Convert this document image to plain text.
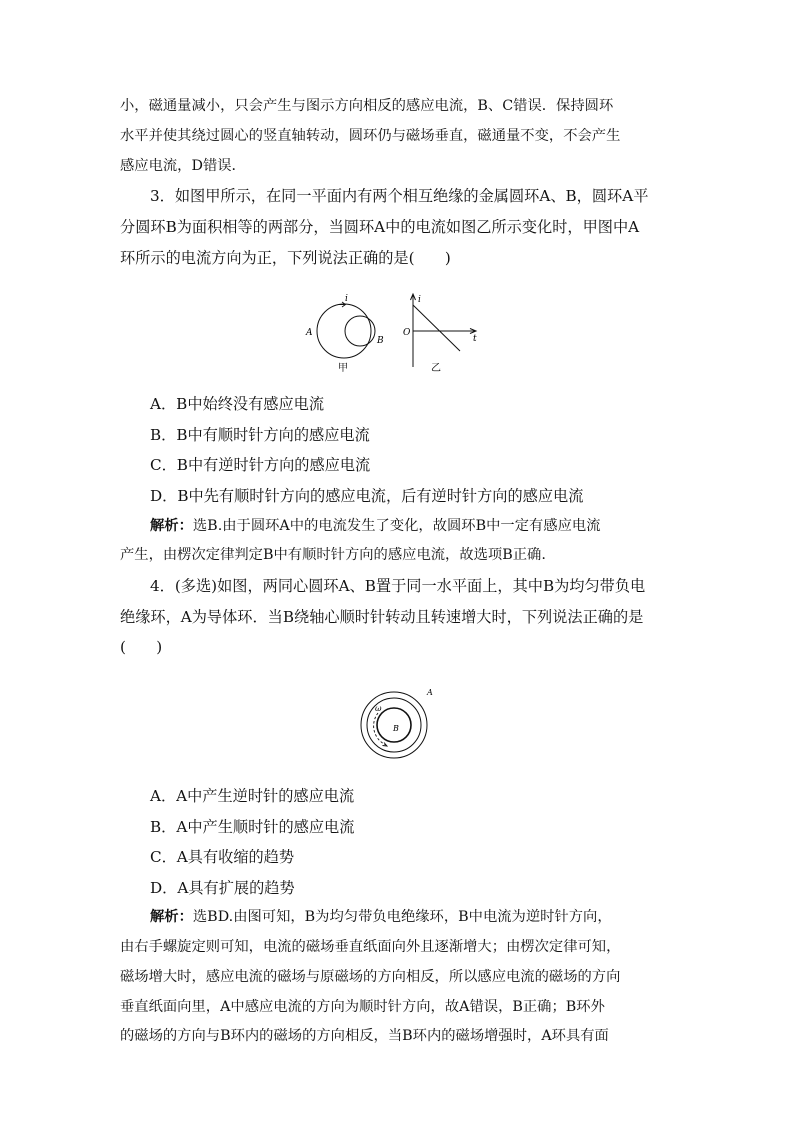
小，磁通量减小，只会产生与图示方向相反的感应电流，B、C错误．保持圆环

水平并使其绕过圆心的竖直轴转动，圆环仍与磁场垂直，磁通量不变，不会产生

感应电流，D错误．

3．如图甲所示，在同一平面内有两个相互绝缘的金属圆环A、B，圆环A平

分圆环B为面积相等的两部分，当圆环A中的电流如图乙所示变化时，甲图中A

环所示的电流方向为正，下列说法正确的是(　　)

i
A
B
甲
i
O
t
乙

A．B中始终没有感应电流

B．B中有顺时针方向的感应电流

C．B中有逆时针方向的感应电流

D．B中先有顺时针方向的感应电流，后有逆时针方向的感应电流

解析：选B.由于圆环A中的电流发生了变化，故圆环B中一定有感应电流

产生，由楞次定律判定B中有顺时针方向的感应电流，故选项B正确.

4．(多选)如图，两同心圆环A、B置于同一水平面上，其中B为均匀带负电

绝缘环，A为导体环．当B绕轴心顺时针转动且转速增大时，下列说法正确的是

(　　)

ω
A
B

A．A中产生逆时针的感应电流

B．A中产生顺时针的感应电流

C．A具有收缩的趋势

D．A具有扩展的趋势

解析：选BD.由图可知，B为均匀带负电绝缘环，B中电流为逆时针方向，

由右手螺旋定则可知，电流的磁场垂直纸面向外且逐渐增大；由楞次定律可知，

磁场增大时，感应电流的磁场与原磁场的方向相反，所以感应电流的磁场的方向

垂直纸面向里，A中感应电流的方向为顺时针方向，故A错误，B正确；B环外

的磁场的方向与B环内的磁场的方向相反，当B环内的磁场增强时，A环具有面
